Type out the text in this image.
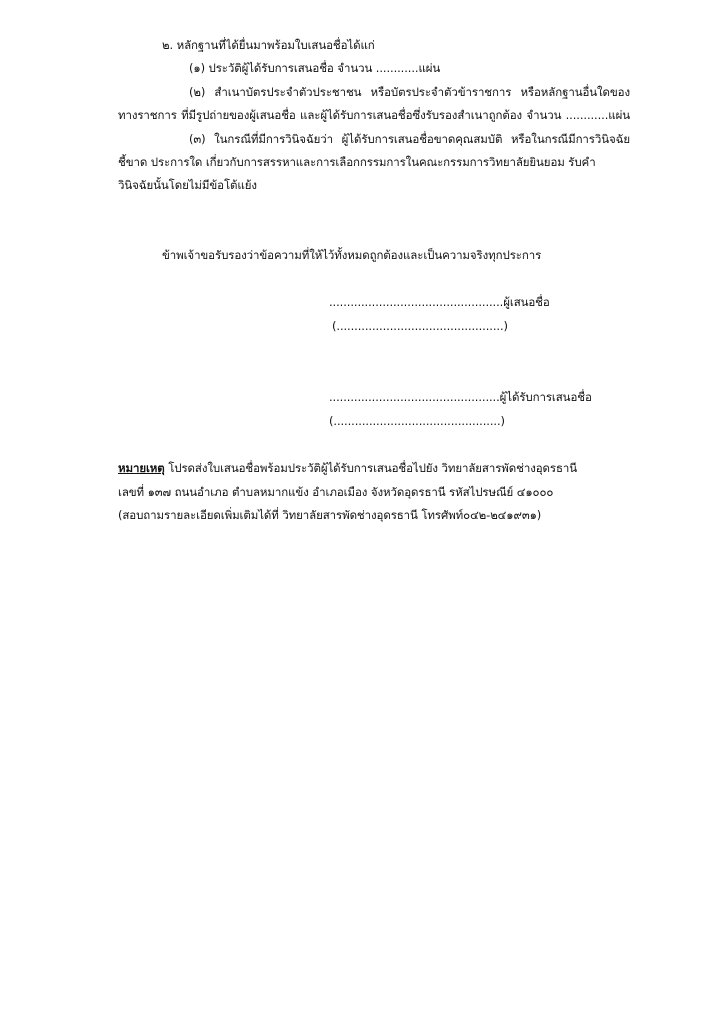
๒. หลักฐานที่ได้ยื่นมาพร้อมใบเสนอชื่อได้แก่
(๑) ประวัติผู้ได้รับการเสนอชื่อ จำนวน ............แผ่น
(๒) สำเนาบัตรประจำตัวประชาชน หรือบัตรประจำตัวข้าราชการ หรือหลักฐานอื่นใดของ
ทางราชการ ที่มีรูปถ่ายของผู้เสนอชื่อ และผู้ได้รับการเสนอชื่อซึ่งรับรองสำเนาถูกต้อง จำนวน ............แผ่น
(๓) ในกรณีที่มีการวินิจฉัยว่า ผู้ได้รับการเสนอชื่อขาดคุณสมบัติ หรือในกรณีมีการวินิจฉัย
ชี้ขาด ประการใด เกี่ยวกับการสรรหาและการเลือกกรรมการในคณะกรรมการวิทยาลัยยินยอม รับคำ
วินิจฉัยนั้นโดยไม่มีข้อโต้แย้ง
ข้าพเจ้าขอรับรองว่าข้อความที่ให้ไว้ทั้งหมดถูกต้องและเป็นความจริงทุกประการ
.................................................ผู้เสนอชื่อ
(...............................................)
................................................ผู้ได้รับการเสนอชื่อ
(...............................................)
หมายเหตุ โปรดส่งใบเสนอชื่อพร้อมประวัติผู้ได้รับการเสนอชื่อไปยัง วิทยาลัยสารพัดช่างอุดรธานี
เลขที่ ๑๓๗ ถนนอำเภอ ตำบลหมากแข้ง อำเภอเมือง จังหวัดอุดรธานี รหัสไปรษณีย์ ๔๑๐๐๐
(สอบถามรายละเอียดเพิ่มเติมได้ที่ วิทยาลัยสารพัดช่างอุดรธานี โทรศัพท์๐๔๒-๒๔๑๙๓๑)
